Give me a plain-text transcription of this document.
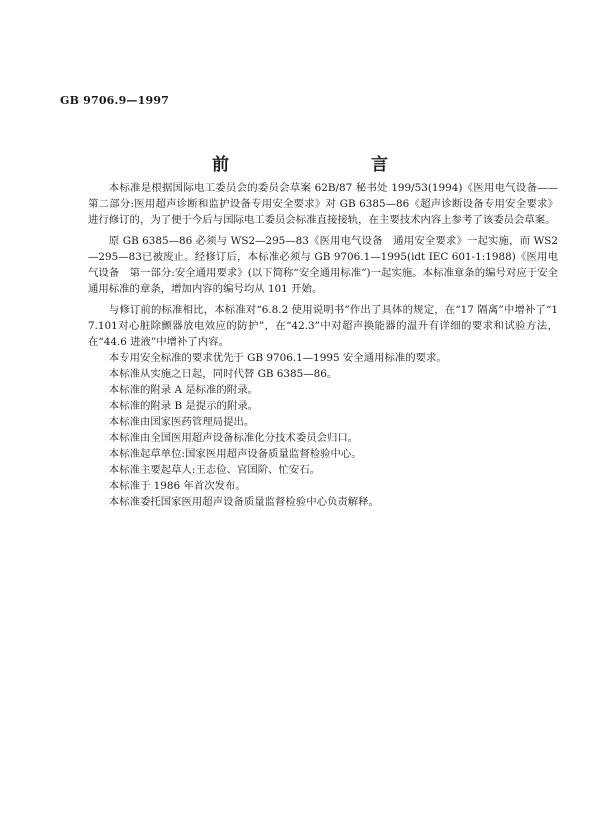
GB 9706.9—1997
前　　言

本标准是根据国际电工委员会的委员会草案 62B/87 秘书处 199/53(1994)《医用电气设备——第二部分:医用超声诊断和监护设备专用安全要求》对 GB 6385—86《超声诊断设备专用安全要求》进行修订的，为了便于今后与国际电工委员会标准直接接轨，在主要技术内容上参考了该委员会草案。

原 GB 6385—86 必须与 WS2—295—83《医用电气设备　通用安全要求》一起实施，而 WS2—295—83已被废止。经修订后，本标准必须与 GB 9706.1—1995(idt IEC 601-1:1988)《医用电气设备　第一部分:安全通用要求》(以下简称“安全通用标准”)一起实施。本标准章条的编号对应于安全通用标准的章条，增加内容的编号均从 101 开始。

与修订前的标准相比，本标准对“6.8.2 使用说明书”作出了具体的规定，在“17 隔离”中增补了“17.101对心脏除颤器放电效应的防护”，在“42.3”中对超声换能器的温升有详细的要求和试验方法，在“44.6 进液”中增补了内容。

本专用安全标准的要求优先于 GB 9706.1—1995 安全通用标准的要求。

本标准从实施之日起，同时代替 GB 6385—86。

本标准的附录 A 是标准的附录。

本标准的附录 B 是提示的附录。

本标准由国家医药管理局提出。

本标准由全国医用超声设备标准化分技术委员会归口。

本标准起草单位:国家医用超声设备质量监督检验中心。

本标准主要起草人:王志俭、官国阶、忙安石。

本标准于 1986 年首次发布。

本标准委托国家医用超声设备质量监督检验中心负责解释。
